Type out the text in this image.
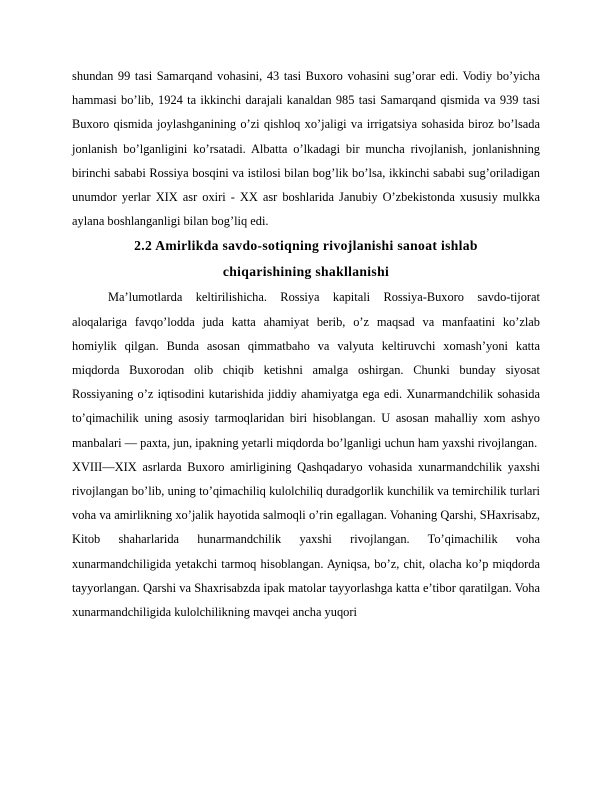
shundan 99 tasi Samarqand vohasini, 43 tasi Buxoro vohasini sug’orar edi. Vodiy bo’yicha hammasi bo’lib, 1924 ta ikkinchi darajali kanaldan 985 tasi Samarqand qismida va 939 tasi Buxoro qismida joylashganining o’zi qishloq xo’jaligi va irrigatsiya sohasida biroz bo’lsada jonlanish bo’lganligini ko’rsatadi. Albatta o’lkadagi bir muncha rivojlanish, jonlanishning birinchi sababi Rossiya bosqini va istilosi bilan bog’lik bo’lsa, ikkinchi sababi sug’oriladigan unumdor yerlar XIX asr oxiri - XX asr boshlarida Janubiy O’zbekistonda xususiy mulkka aylana boshlanganligi bilan bog’liq edi.

2.2 Amirlikda savdo-sotiqning rivojlanishi sanoat ishlab
chiqarishining shakllanishi

Ma’lumotlarda keltirilishicha. Rossiya kapitali Rossiya-Buxoro savdo-tijorat aloqalariga favqo’lodda juda katta ahamiyat berib, o’z maqsad va manfaatini ko’zlab homiylik qilgan. Bunda asosan qimmatbaho va valyuta keltiruvchi xomash’yoni katta miqdorda Buxorodan olib chiqib ketishni amalga oshirgan. Chunki bunday siyosat Rossiyaning o’z iqtisodini kutarishida jiddiy ahamiyatga ega edi. Xunarmandchilik sohasida to’qimachilik uning asosiy tarmoqlaridan biri hisoblangan. U asosan mahalliy xom ashyo manbalari — paxta, jun, ipakning yetarli miqdorda bo’lganligi uchun ham yaxshi rivojlangan.

XVIII—XIX asrlarda Buxoro amirligining Qashqadaryo vohasida xunarmandchilik yaxshi rivojlangan bo’lib, uning to’qimachiliq kulolchiliq duradgorlik kunchilik va temirchilik turlari voha va amirlikning xo’jalik hayotida salmoqli o’rin egallagan. Vohaning Qarshi, SHaxrisabz, Kitob shaharlarida hunarmandchilik yaxshi rivojlangan. To’qimachilik voha xunarmandchiligida yetakchi tarmoq hisoblangan. Ayniqsa, bo’z, chit, olacha ko’p miqdorda tayyorlangan. Qarshi va Shaxrisabzda ipak matolar tayyorlashga katta e’tibor qaratilgan. Voha xunarmandchiligida kulolchilikning mavqei ancha yuqori
